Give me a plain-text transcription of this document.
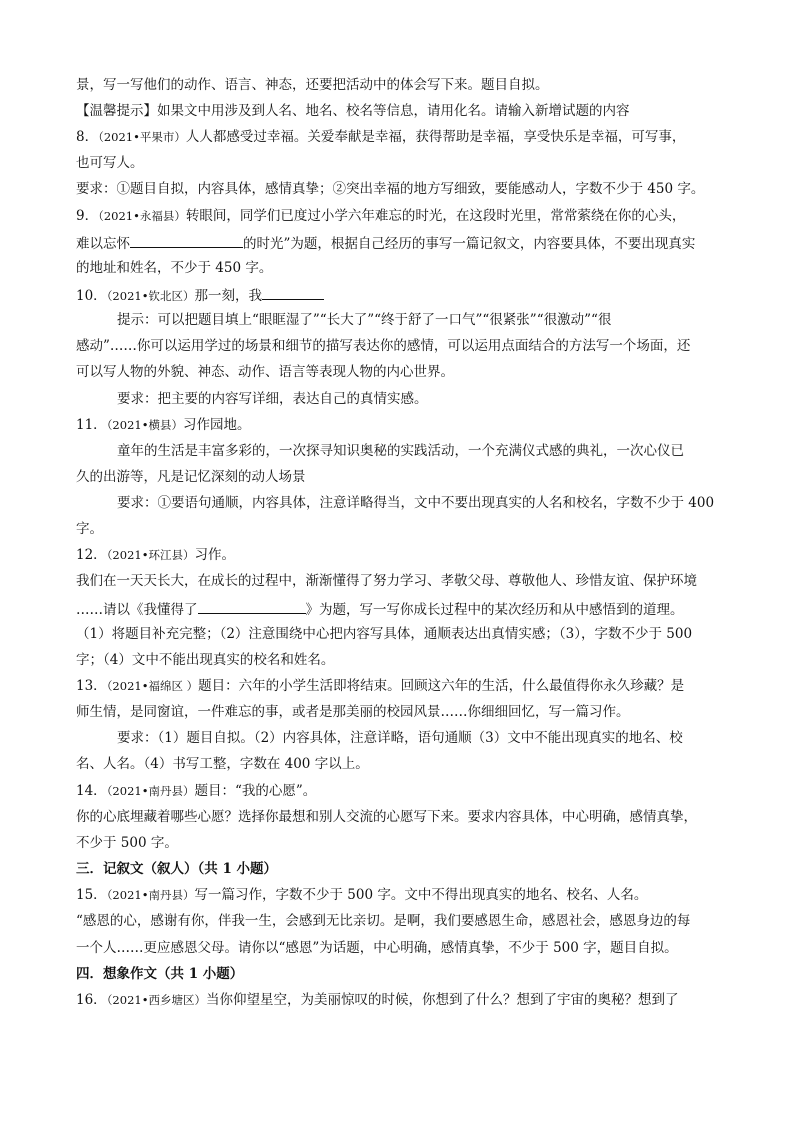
景，写一写他们的动作、语言、神态，还要把活动中的体会写下来。题目自拟。
【温馨提示】如果文中用涉及到人名、地名、校名等信息，请用化名。请输入新增试题的内容
8．（2021•平果市）人人都感受过幸福。关爱奉献是幸福，获得帮助是幸福，享受快乐是幸福，可写事，
也可写人。
要求：①题目自拟，内容具体，感情真挚；②突出幸福的地方写细致，要能感动人，字数不少于 450 字。
9．（2021•永福县）转眼间，同学们已度过小学六年难忘的时光，在这段时光里，常常萦绕在你的心头，
难以忘怀	的时光”为题，根据自己经历的事写一篇记叙文，内容要具体，不要出现真实
的地址和姓名，不少于 450 字。
10．（2021•钦北区）那一刻，我
提示：可以把题目填上“眼眶湿了”“长大了”“终于舒了一口气”“很紧张”“很激动”“很
感动”……你可以运用学过的场景和细节的描写表达你的感情，可以运用点面结合的方法写一个场面，还
可以写人物的外貌、神态、动作、语言等表现人物的内心世界。
要求：把主要的内容写详细，表达自己的真情实感。
11．（2021•横县）习作园地。
童年的生活是丰富多彩的，一次探寻知识奥秘的实践活动，一个充满仪式感的典礼，一次心仪已
久的出游等，凡是记忆深刻的动人场景
要求：①要语句通顺，内容具体，注意详略得当，文中不要出现真实的人名和校名，字数不少于 400
字。
12．（2021•环江县）习作。
我们在一天天长大，在成长的过程中，渐渐懂得了努力学习、孝敬父母、尊敬他人、珍惜友谊、保护环境
……请以《我懂得了	》为题，写一写你成长过程中的某次经历和从中感悟到的道理。
（1）将题目补充完整；（2）注意围绕中心把内容写具体，通顺表达出真情实感；（3），字数不少于 500
字；（4）文中不能出现真实的校名和姓名。
13．（2021•福绵区 ）题目：六年的小学生活即将结束。回顾这六年的生活，什么最值得你永久珍藏？是
师生情，是同窗谊，一件难忘的事，或者是那美丽的校园风景……你细细回忆，写一篇习作。
要求：（1）题目自拟。（2）内容具体，注意详略，语句通顺（3）文中不能出现真实的地名、校
名、人名。（4）书写工整，字数在 400 字以上。
14．（2021•南丹县）题目：“我的心愿”。
你的心底埋藏着哪些心愿？选择你最想和别人交流的心愿写下来。要求内容具体，中心明确，感情真挚，
不少于 500 字。
三．记叙文（叙人）（共 1 小题）
15．（2021•南丹县）写一篇习作，字数不少于 500 字。文中不得出现真实的地名、校名、人名。
“感恩的心，感谢有你，伴我一生，会感到无比亲切。是啊，我们要感恩生命，感恩社会，感恩身边的每
一个人……更应感恩父母。请你以“感恩”为话题，中心明确，感情真挚，不少于 500 字，题目自拟。
四．想象作文（共 1 小题）
16．（2021•西乡塘区）当你仰望星空，为美丽惊叹的时候，你想到了什么？想到了宇宙的奥秘？想到了
